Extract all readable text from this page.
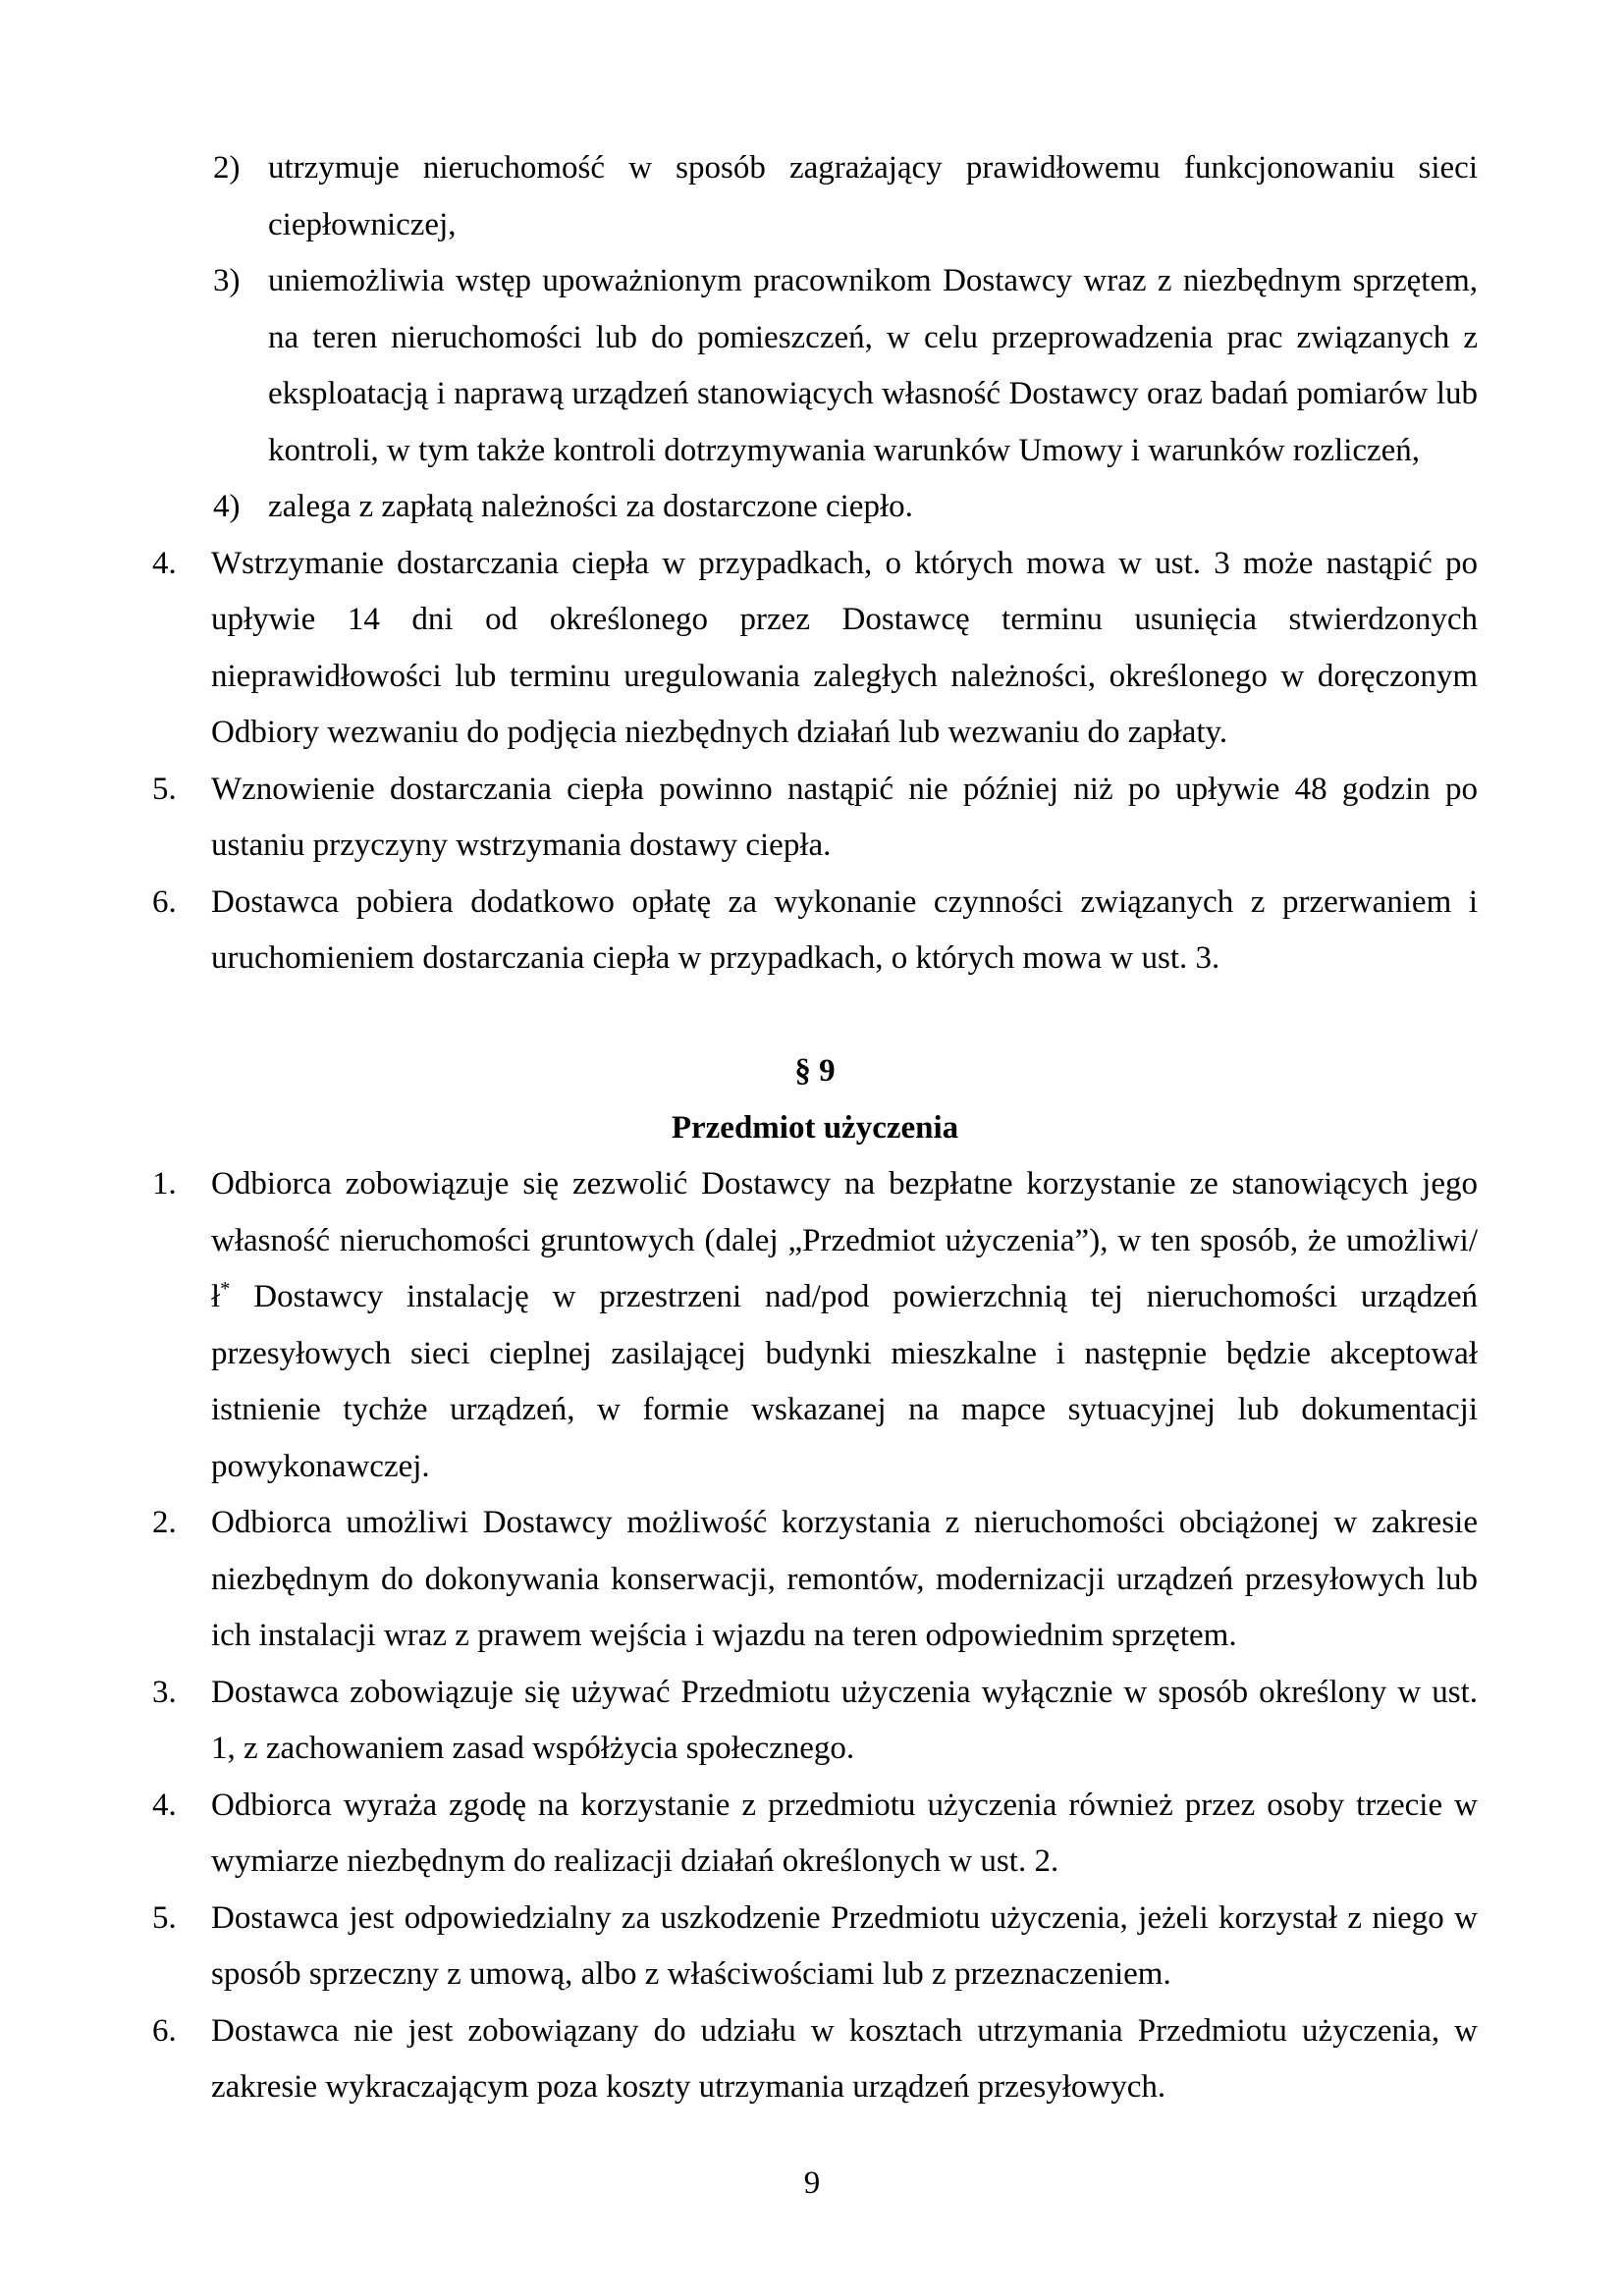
2) utrzymuje nieruchomość w sposób zagrażający prawidłowemu funkcjonowaniu sieci ciepłowniczej,
3) uniemożliwia wstęp upoważnionym pracownikom Dostawcy wraz z niezbędnym sprzętem, na teren nieruchomości lub do pomieszczeń, w celu przeprowadzenia prac związanych z eksploatacją i naprawą urządzeń stanowiących własność Dostawcy oraz badań pomiarów lub kontroli, w tym także kontroli dotrzymywania warunków Umowy i warunków rozliczeń,
4) zalega z zapłatą należności za dostarczone ciepło.
4. Wstrzymanie dostarczania ciepła w przypadkach, o których mowa w ust. 3 może nastąpić po upływie 14 dni od określonego przez Dostawcę terminu usunięcia stwierdzonych nieprawidłowości lub terminu uregulowania zaległych należności, określonego w doręczonym Odbiory wezwaniu do podjęcia niezbędnych działań lub wezwaniu do zapłaty.
5. Wznowienie dostarczania ciepła powinno nastąpić nie później niż po upływie 48 godzin po ustaniu przyczyny wstrzymania dostawy ciepła.
6. Dostawca pobiera dodatkowo opłatę za wykonanie czynności związanych z przerwaniem i uruchomieniem dostarczania ciepła w przypadkach, o których mowa w ust. 3.
§ 9
Przedmiot użyczenia
1. Odbiorca zobowiązuje się zezwolić Dostawcy na bezpłatne korzystanie ze stanowiących jego własność nieruchomości gruntowych (dalej „Przedmiot użyczenia”), w ten sposób, że umożliwi/ł* Dostawcy instalację w przestrzeni nad/pod powierzchnią tej nieruchomości urządzeń przesyłowych sieci cieplnej zasilającej budynki mieszkalne i następnie będzie akceptował istnienie tychże urządzeń, w formie wskazanej na mapce sytuacyjnej lub dokumentacji powykonawczej.
2. Odbiorca umożliwi Dostawcy możliwość korzystania z nieruchomości obciążonej w zakresie niezbędnym do dokonywania konserwacji, remontów, modernizacji urządzeń przesyłowych lub ich instalacji wraz z prawem wejścia i wjazdu na teren odpowiednim sprzętem.
3. Dostawca zobowiązuje się używać Przedmiotu użyczenia wyłącznie w sposób określony w ust. 1, z zachowaniem zasad współżycia społecznego.
4. Odbiorca wyraża zgodę na korzystanie z przedmiotu użyczenia również przez osoby trzecie w wymiarze niezbędnym do realizacji działań określonych w ust. 2.
5. Dostawca jest odpowiedzialny za uszkodzenie Przedmiotu użyczenia, jeżeli korzystał z niego w sposób sprzeczny z umową, albo z właściwościami lub z przeznaczeniem.
6. Dostawca nie jest zobowiązany do udziału w kosztach utrzymania Przedmiotu użyczenia, w zakresie wykraczającym poza koszty utrzymania urządzeń przesyłowych.
9
